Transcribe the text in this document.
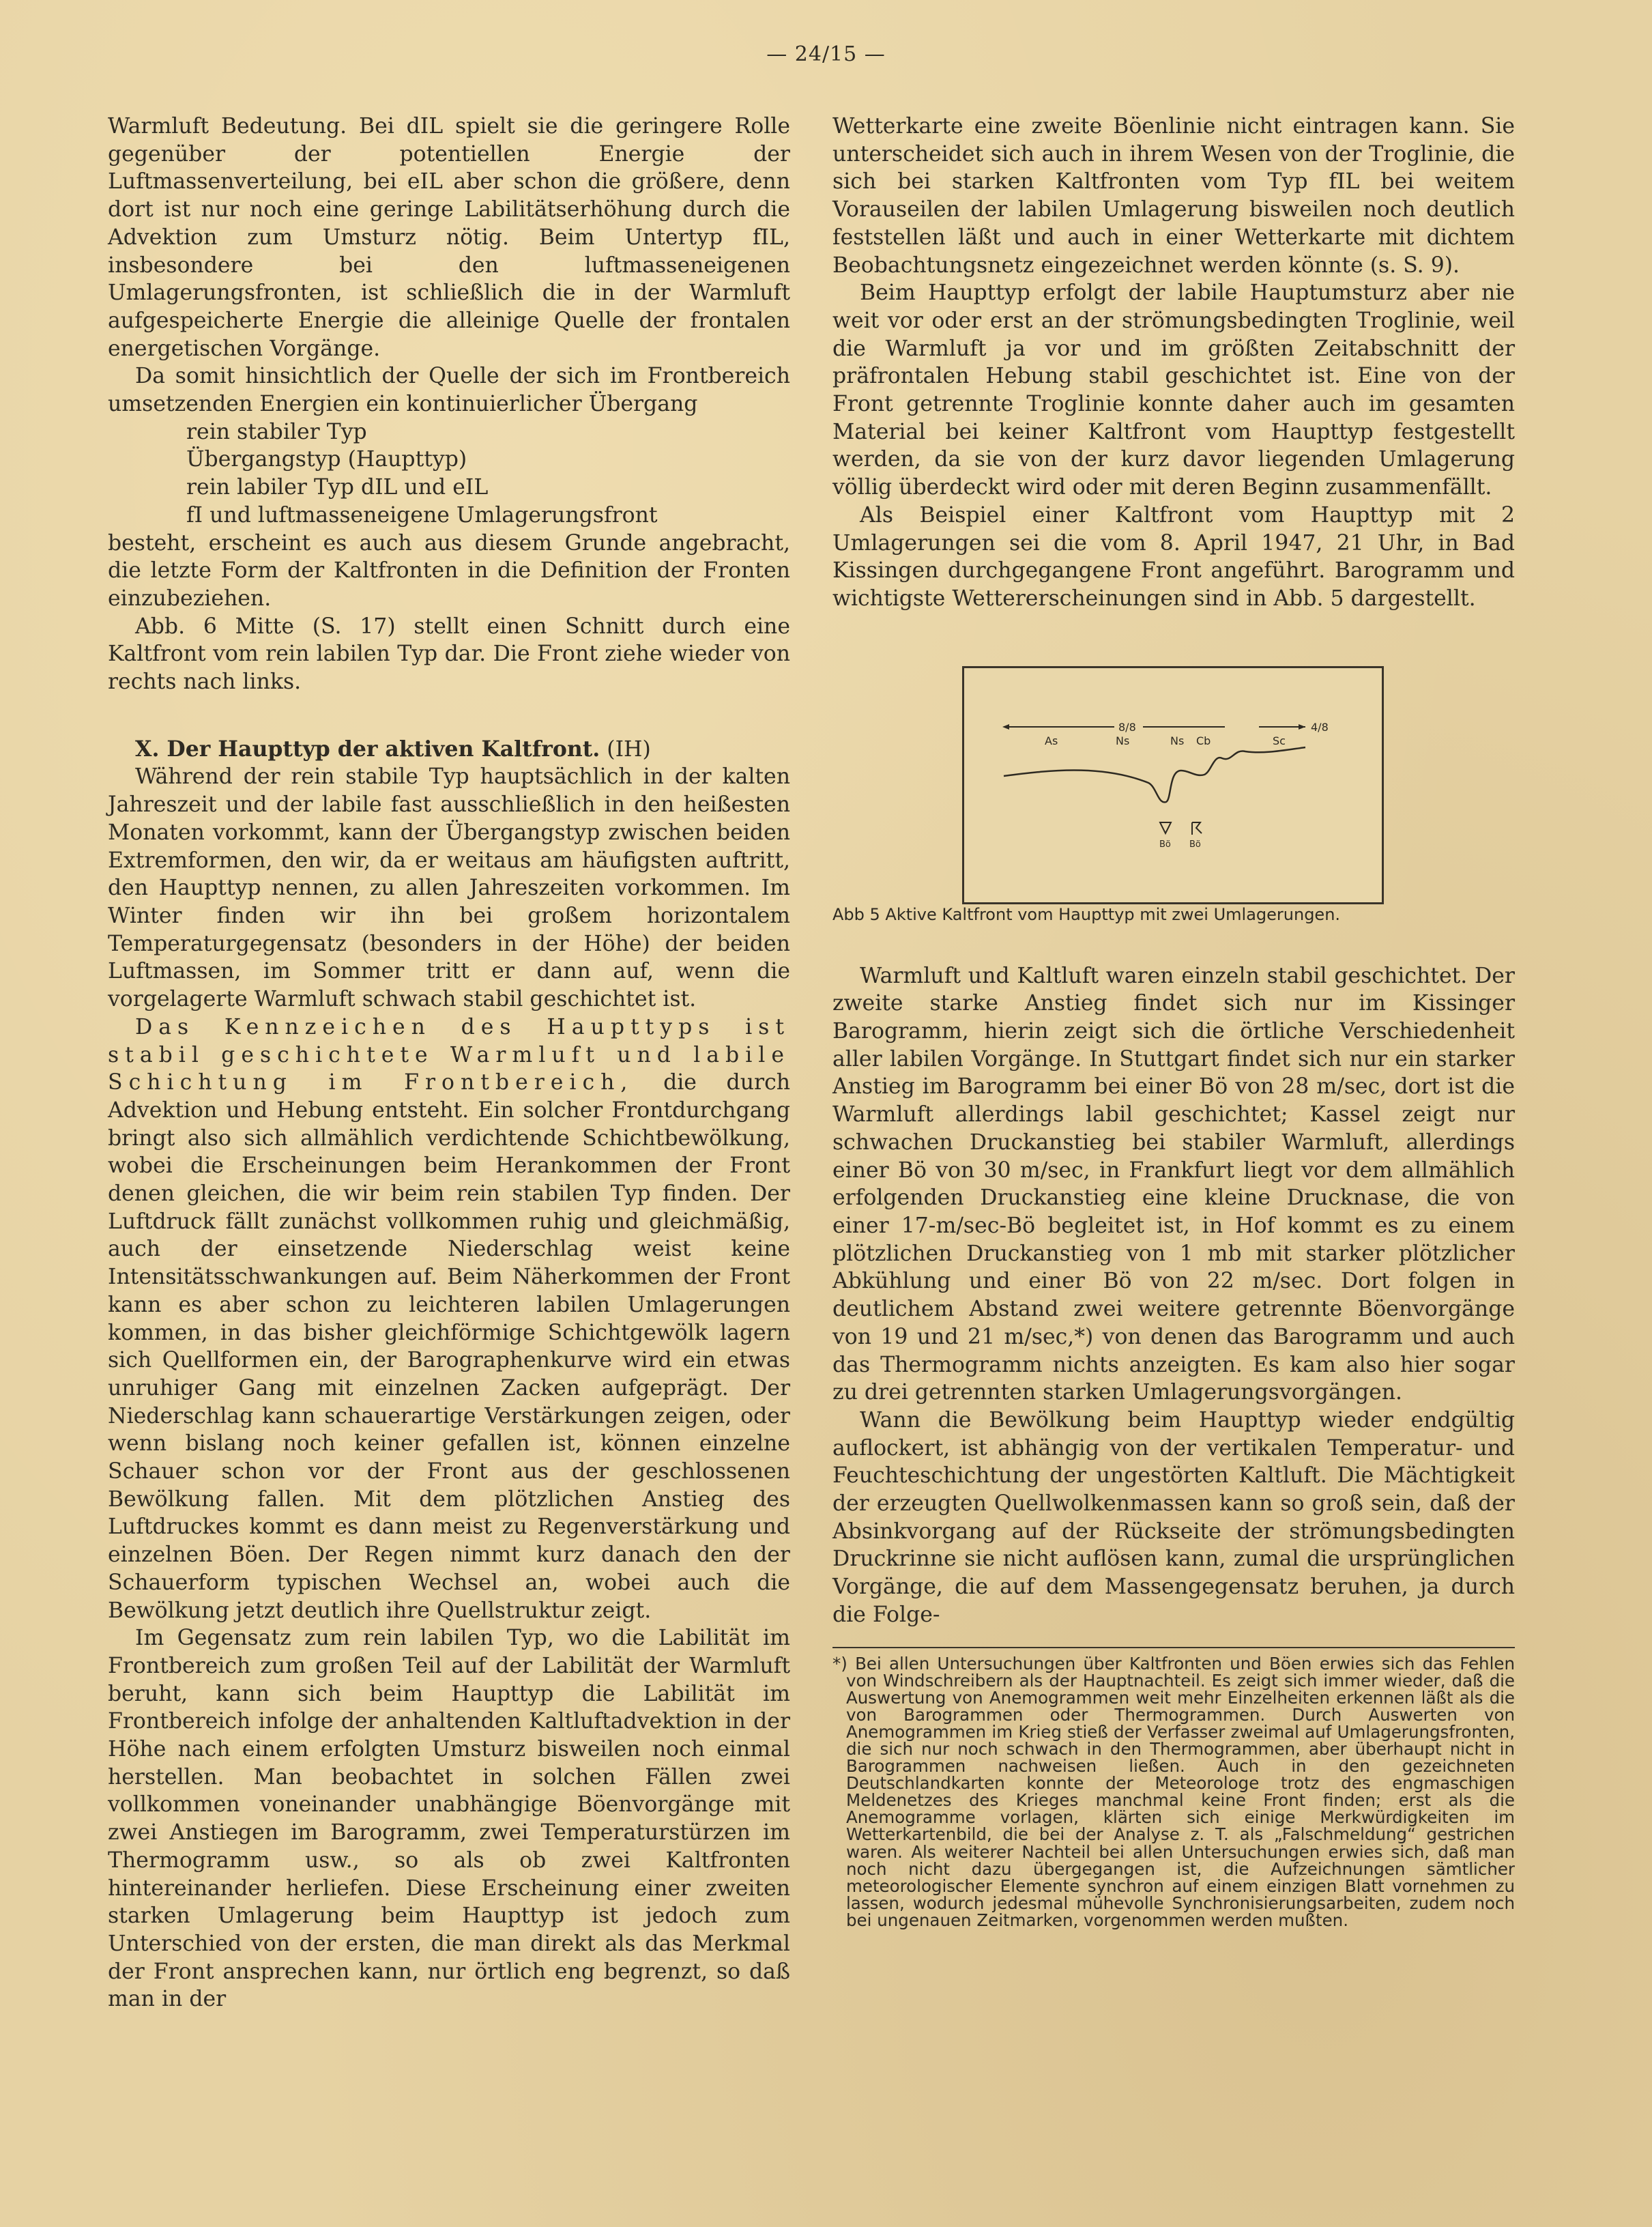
— 24/15 —

Warmluft Bedeutung. Bei dIL spielt sie die geringere Rolle gegenüber der potentiellen Energie der Luftmassenverteilung, bei eIL aber schon die größere, denn dort ist nur noch eine geringe Labilitätserhöhung durch die Advektion zum Umsturz nötig. Beim Untertyp fIL, insbesondere bei den luftmasseneigenen Umlagerungsfronten, ist schließlich die in der Warmluft aufgespeicherte Energie die alleinige Quelle der frontalen energetischen Vorgänge.

Da somit hinsichtlich der Quelle der sich im Frontbereich umsetzenden Energien ein kontinuierlicher Übergang

rein stabiler Typ
Übergangstyp (Haupttyp)
rein labiler Typ dIL und eIL
fI und luftmasseneigene Umlagerungsfront

besteht, erscheint es auch aus diesem Grunde angebracht, die letzte Form der Kaltfronten in die Definition der Fronten einzubeziehen.

Abb. 6 Mitte (S. 17) stellt einen Schnitt durch eine Kaltfront vom rein labilen Typ dar. Die Front ziehe wieder von rechts nach links.

X. Der Haupttyp der aktiven Kaltfront. (IH)

Während der rein stabile Typ hauptsächlich in der kalten Jahreszeit und der labile fast ausschließlich in den heißesten Monaten vorkommt, kann der Übergangstyp zwischen beiden Extremformen, den wir, da er weitaus am häufigsten auftritt, den Haupttyp nennen, zu allen Jahreszeiten vorkommen. Im Winter finden wir ihn bei großem horizontalem Temperaturgegensatz (besonders in der Höhe) der beiden Luftmassen, im Sommer tritt er dann auf, wenn die vorgelagerte Warmluft schwach stabil geschichtet ist.

Das Kennzeichen des Haupttyps ist stabil geschichtete Warmluft und labile Schichtung im Frontbereich, die durch Advektion und Hebung entsteht. Ein solcher Frontdurchgang bringt also sich allmählich verdichtende Schichtbewölkung, wobei die Erscheinungen beim Herankommen der Front denen gleichen, die wir beim rein stabilen Typ finden. Der Luftdruck fällt zunächst vollkommen ruhig und gleichmäßig, auch der einsetzende Niederschlag weist keine Intensitätsschwankungen auf. Beim Näherkommen der Front kann es aber schon zu leichteren labilen Umlagerungen kommen, in das bisher gleichförmige Schichtgewölk lagern sich Quellformen ein, der Barographenkurve wird ein etwas unruhiger Gang mit einzelnen Zacken aufgeprägt. Der Niederschlag kann schauerartige Verstärkungen zeigen, oder wenn bislang noch keiner gefallen ist, können einzelne Schauer schon vor der Front aus der geschlossenen Bewölkung fallen. Mit dem plötzlichen Anstieg des Luftdruckes kommt es dann meist zu Regenverstärkung und einzelnen Böen. Der Regen nimmt kurz danach den der Schauerform typischen Wechsel an, wobei auch die Bewölkung jetzt deutlich ihre Quellstruktur zeigt.

Im Gegensatz zum rein labilen Typ, wo die Labilität im Frontbereich zum großen Teil auf der Labilität der Warmluft beruht, kann sich beim Haupttyp die Labilität im Frontbereich infolge der anhaltenden Kaltluftadvektion in der Höhe nach einem erfolgten Umsturz bisweilen noch einmal herstellen. Man beobachtet in solchen Fällen zwei vollkommen voneinander unabhängige Böenvorgänge mit zwei Anstiegen im Barogramm, zwei Temperaturstürzen im Thermogramm usw., so als ob zwei Kaltfronten hintereinander herliefen. Diese Erscheinung einer zweiten starken Umlagerung beim Haupttyp ist jedoch zum Unterschied von der ersten, die man direkt als das Merkmal der Front ansprechen kann, nur örtlich eng begrenzt, so daß man in der

Wetterkarte eine zweite Böenlinie nicht eintragen kann. Sie unterscheidet sich auch in ihrem Wesen von der Troglinie, die sich bei starken Kaltfronten vom Typ fIL bei weitem Vorauseilen der labilen Umlagerung bisweilen noch deutlich feststellen läßt und auch in einer Wetterkarte mit dichtem Beobachtungsnetz eingezeichnet werden könnte (s. S. 9).

Beim Haupttyp erfolgt der labile Hauptumsturz aber nie weit vor oder erst an der strömungsbedingten Troglinie, weil die Warmluft ja vor und im größten Zeitabschnitt der präfrontalen Hebung stabil geschichtet ist. Eine von der Front getrennte Troglinie konnte daher auch im gesamten Material bei keiner Kaltfront vom Haupttyp festgestellt werden, da sie von der kurz davor liegenden Umlagerung völlig überdeckt wird oder mit deren Beginn zusammenfällt.

Als Beispiel einer Kaltfront vom Haupttyp mit 2 Umlagerungen sei die vom 8. April 1947, 21 Uhr, in Bad Kissingen durchgegangene Front angeführt. Barogramm und wichtigste Wettererscheinungen sind in Abb. 5 dargestellt.

8/8	4/8
As	Ns	Ns Cb	Sc
Bö Bö

Abb 5 Aktive Kaltfront vom Haupttyp mit zwei Umlagerungen.

Warmluft und Kaltluft waren einzeln stabil geschichtet. Der zweite starke Anstieg findet sich nur im Kissinger Barogramm, hierin zeigt sich die örtliche Verschiedenheit aller labilen Vorgänge. In Stuttgart findet sich nur ein starker Anstieg im Barogramm bei einer Bö von 28 m/sec, dort ist die Warmluft allerdings labil geschichtet; Kassel zeigt nur schwachen Druckanstieg bei stabiler Warmluft, allerdings einer Bö von 30 m/sec, in Frankfurt liegt vor dem allmählich erfolgenden Druckanstieg eine kleine Drucknase, die von einer 17-m/sec-Bö begleitet ist, in Hof kommt es zu einem plötzlichen Druckanstieg von 1 mb mit starker plötzlicher Abkühlung und einer Bö von 22 m/sec. Dort folgen in deutlichem Abstand zwei weitere getrennte Böenvorgänge von 19 und 21 m/sec,*) von denen das Barogramm und auch das Thermogramm nichts anzeigten. Es kam also hier sogar zu drei getrennten starken Umlagerungsvorgängen.

Wann die Bewölkung beim Haupttyp wieder endgültig auflockert, ist abhängig von der vertikalen Temperatur- und Feuchteschichtung der ungestörten Kaltluft. Die Mächtigkeit der erzeugten Quellwolkenmassen kann so groß sein, daß der Absinkvorgang auf der Rückseite der strömungsbedingten Druckrinne sie nicht auflösen kann, zumal die ursprünglichen Vorgänge, die auf dem Massengegensatz beruhen, ja durch die Folge-

*) Bei allen Untersuchungen über Kaltfronten und Böen erwies sich das Fehlen von Windschreibern als der Hauptnachteil. Es zeigt sich immer wieder, daß die Auswertung von Anemogrammen weit mehr Einzelheiten erkennen läßt als die von Barogrammen oder Thermogrammen. Durch Auswerten von Anemogrammen im Krieg stieß der Verfasser zweimal auf Umlagerungsfronten, die sich nur noch schwach in den Thermogrammen, aber überhaupt nicht in Barogrammen nachweisen ließen. Auch in den gezeichneten Deutschlandkarten konnte der Meteorologe trotz des engmaschigen Meldenetzes des Krieges manchmal keine Front finden; erst als die Anemogramme vorlagen, klärten sich einige Merkwürdigkeiten im Wetterkartenbild, die bei der Analyse z. T. als „Falschmeldung“ gestrichen waren. Als weiterer Nachteil bei allen Untersuchungen erwies sich, daß man noch nicht dazu übergegangen ist, die Aufzeichnungen sämtlicher meteorologischer Elemente synchron auf einem einzigen Blatt vornehmen zu lassen, wodurch jedesmal mühevolle Synchronisierungsarbeiten, zudem noch bei ungenauen Zeitmarken, vorgenommen werden mußten.
